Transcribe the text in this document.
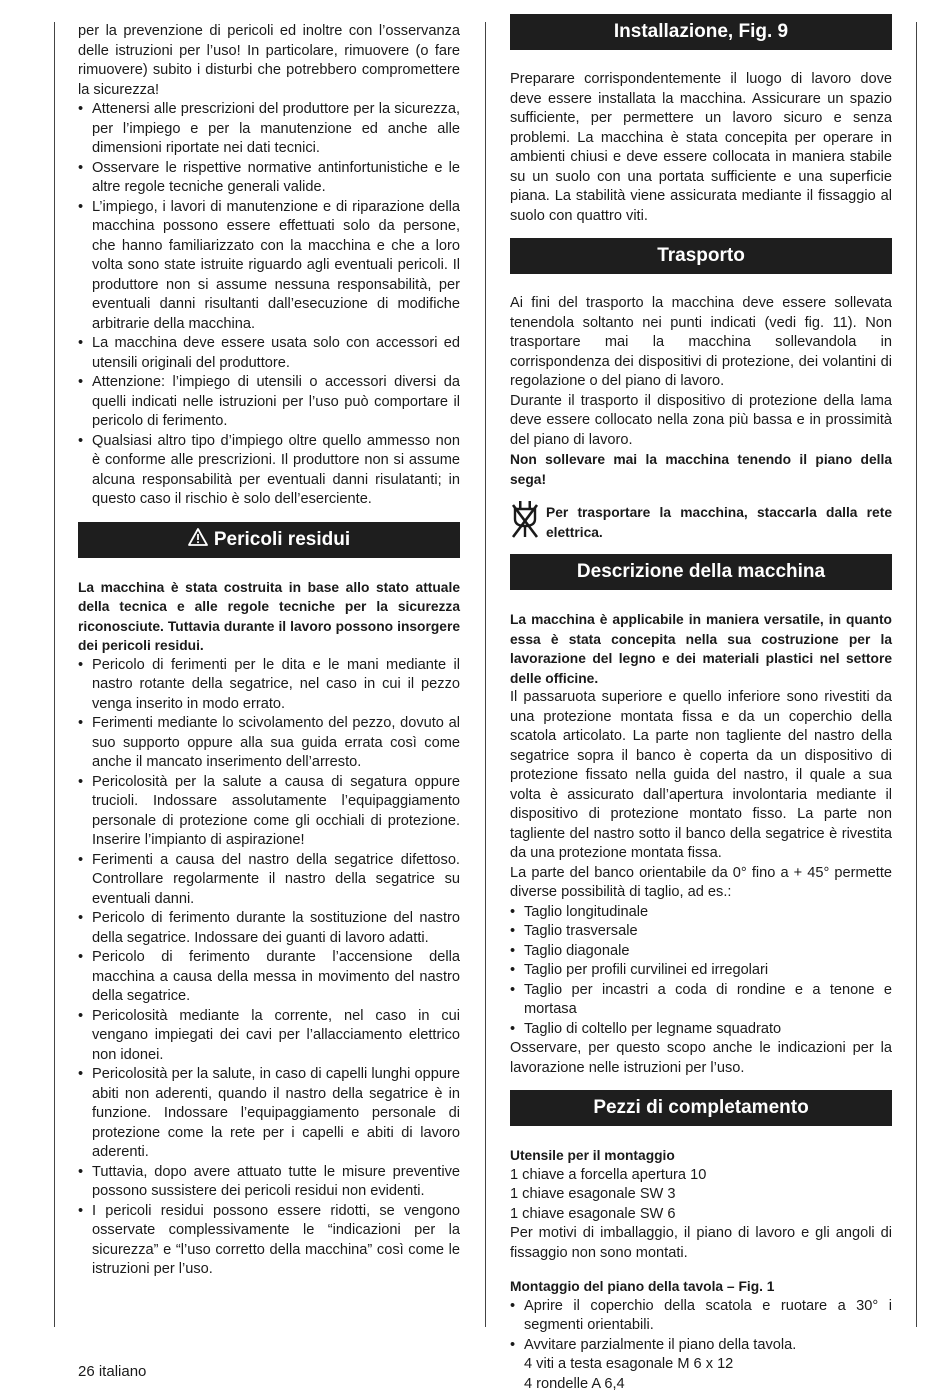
per la prevenzione di pericoli ed inoltre con l’osservanza delle istruzioni per l’uso! In particolare, rimuovere (o fare rimuovere) subito i disturbi che potrebbero compromettere la sicurezza!

• Attenersi alle prescrizioni del produttore per la sicurezza, per l’impiego e per la manutenzione ed anche alle dimensioni riportate nei dati tecnici.
• Osservare le rispettive normative antinfortunistiche e le altre regole tecniche generali valide.
• L’impiego, i lavori di manutenzione e di riparazione della macchina possono essere effettuati solo da persone, che hanno familiarizzato con la macchina e che a loro volta sono state istruite riguardo agli eventuali pericoli. Il produttore non si assume nessuna responsabilità, per eventuali danni risultanti dall’esecuzione di modifiche arbitrarie della macchina.
• La macchina deve essere usata solo con accessori ed utensili originali del produttore.
• Attenzione: l’impiego di utensili o accessori diversi da quelli indicati nelle istruzioni per l’uso può comportare il pericolo di ferimento.
• Qualsiasi altro tipo d’impiego oltre quello ammesso non è conforme alle prescrizioni. Il produttore non si assume alcuna responsabilità per eventuali danni risulatanti; in questo caso il rischio è solo dell’eserciente.
Pericoli residui

La macchina è stata costruita in base allo stato attuale della tecnica e alle regole tecniche per la sicurezza riconosciute. Tuttavia durante il lavoro possono insorgere dei pericoli residui.

• Pericolo di ferimenti per le dita e le mani mediante il nastro rotante della segatrice, nel caso in cui il pezzo venga inserito in modo errato.
• Ferimenti mediante lo scivolamento del pezzo, dovuto al suo supporto oppure alla sua guida errata così come anche il mancato inserimento dell’arresto.
• Pericolosità per la salute a causa di segatura oppure trucioli. Indossare assolutamente l’equipaggiamento personale di protezione come gli occhiali di protezione. Inserire l’impianto di aspirazione!
• Ferimenti a causa del nastro della segatrice difettoso. Controllare regolarmente il nastro della segatrice su eventuali danni.
• Pericolo di ferimento durante la sostituzione del nastro della segatrice. Indossare dei guanti di lavoro adatti.
• Pericolo di ferimento durante l’accensione della macchina a causa della messa in movimento del nastro della segatrice.
• Pericolosità mediante la corrente, nel caso in cui vengano impiegati dei cavi per l’allacciamento elettrico non idonei.
• Pericolosità per la salute, in caso di capelli lunghi oppure abiti non aderenti, quando il nastro della segatrice è in funzione. Indossare l’equipaggiamento personale di protezione come la rete per i capelli e abiti di lavoro aderenti.
• Tuttavia, dopo avere attuato tutte le misure preventive possono sussistere dei pericoli residui non evidenti.
• I pericoli residui possono essere ridotti, se vengono osservate complessivamente le “indicazioni per la sicurezza” e “l’uso corretto della macchina” così come le istruzioni per l’uso.
Installazione, Fig. 9

Preparare corrispondentemente il luogo di lavoro dove deve essere installata la macchina. Assicurare un spazio sufficiente, per permettere un lavoro sicuro e senza problemi. La macchina è stata concepita per operare in ambienti chiusi e deve essere collocata in maniera stabile su un suolo con una portata sufficiente e una superficie piana. La stabilità viene assicurata mediante il fissaggio al suolo con quattro viti.

Trasporto

Ai fini del trasporto la macchina deve essere sollevata tenendola soltanto nei punti indicati (vedi fig. 11). Non trasportare mai la macchina sollevandola in corrispondenza dei dispositivi di protezione, dei volantini di regolazione o del piano di lavoro.

Durante il trasporto il dispositivo di protezione della lama deve essere collocato nella zona più bassa e in prossimità del piano di lavoro.

Non sollevare mai la macchina tenendo il piano della sega!

Per trasportare la macchina, staccarla dalla rete elettrica.

Descrizione della macchina

La macchina è applicabile in maniera versatile, in quanto essa è stata concepita nella sua costruzione per la lavorazione del legno e dei materiali plastici nel settore delle officine.

Il passaruota superiore e quello inferiore sono rivestiti da una protezione montata fissa e da un coperchio della scatola articolato. La parte non tagliente del nastro della segatrice sopra il banco è coperta da un dispositivo di protezione fissato nella guida del nastro, il quale a sua volta è assicurato dall’apertura involontaria mediante il dispositivo di protezione montato fisso. La parte non tagliente del nastro sotto il banco della segatrice è rivestita da una protezione montata fissa.

La parte del banco orientabile da 0° fino a + 45° permette diverse possibilità di taglio, ad es.:

• Taglio longitudinale
• Taglio trasversale
• Taglio diagonale
• Taglio per profili curvilinei ed irregolari
• Taglio per incastri a coda di rondine e a tenone e mortasa
• Taglio di coltello per legname squadrato

Osservare, per questo scopo anche le indicazioni per la lavorazione nelle istruzioni per l’uso.

Pezzi di completamento

Utensile per il montaggio

1 chiave a forcella apertura 10

1 chiave esagonale SW 3

1 chiave esagonale SW 6

Per motivi di imballaggio, il piano di lavoro e gli angoli di fissaggio non sono montati.

Montaggio del piano della tavola – Fig. 1

• Aprire il coperchio della scatola e ruotare a 30° i segmenti orientabili.
• Avvitare parzialmente il piano della tavola.

4 viti a testa esagonale M 6 x 12

4 rondelle A 6,4

26 italiano
